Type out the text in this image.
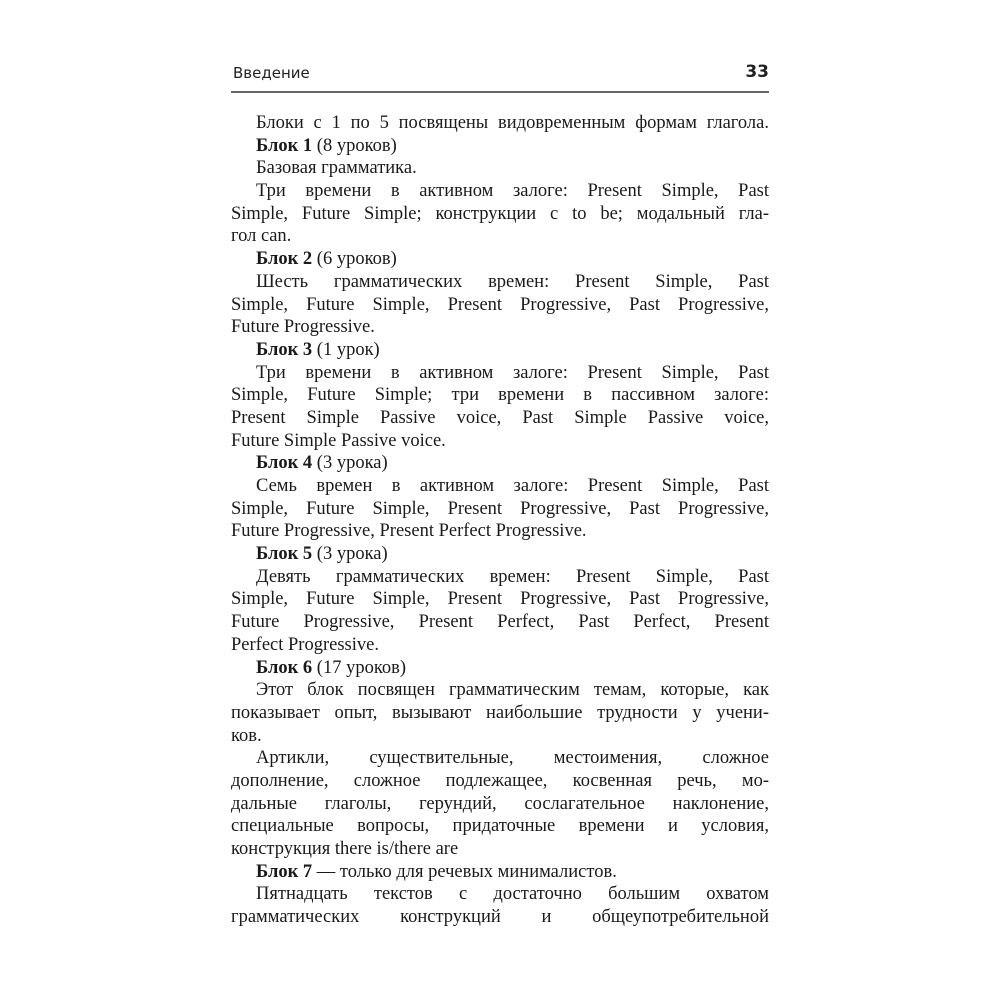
Введение	33
Блоки с 1 по 5 посвящены видовременным формам глагола.
Блок 1 (8 уроков)
Базовая грамматика.
Три времени в активном залоге: Present Simple, Past
Simple, Future Simple; конструкции с to be; модальный гла-
гол can.
Блок 2 (6 уроков)
Шесть грамматических времен: Present Simple, Past
Simple, Future Simple, Present Progressive, Past Progressive,
Future Progressive.
Блок 3 (1 урок)
Три времени в активном залоге: Present Simple, Past
Simple, Future Simple; три времени в пассивном залоге:
Present Simple Passive voice, Past Simple Passive voice,
Future Simple Passive voice.
Блок 4 (3 урока)
Семь времен в активном залоге: Present Simple, Past
Simple, Future Simple, Present Progressive, Past Progressive,
Future Progressive, Present Perfect Progressive.
Блок 5 (3 урока)
Девять грамматических времен: Present Simple, Past
Simple, Future Simple, Present Progressive, Past Progressive,
Future Progressive, Present Perfect, Past Perfect, Present
Perfect Progressive.
Блок 6 (17 уроков)
Этот блок посвящен грамматическим темам, которые, как
показывает опыт, вызывают наибольшие трудности у учени-
ков.
Артикли, существительные, местоимения, сложное
дополнение, сложное подлежащее, косвенная речь, мо-
дальные глаголы, герундий, сослагательное наклонение,
специальные вопросы, придаточные времени и условия,
конструкция there is/there are
Блок 7 — только для речевых минималистов.
Пятнадцать текстов с достаточно большим охватом
грамматических конструкций и общеупотребительной
